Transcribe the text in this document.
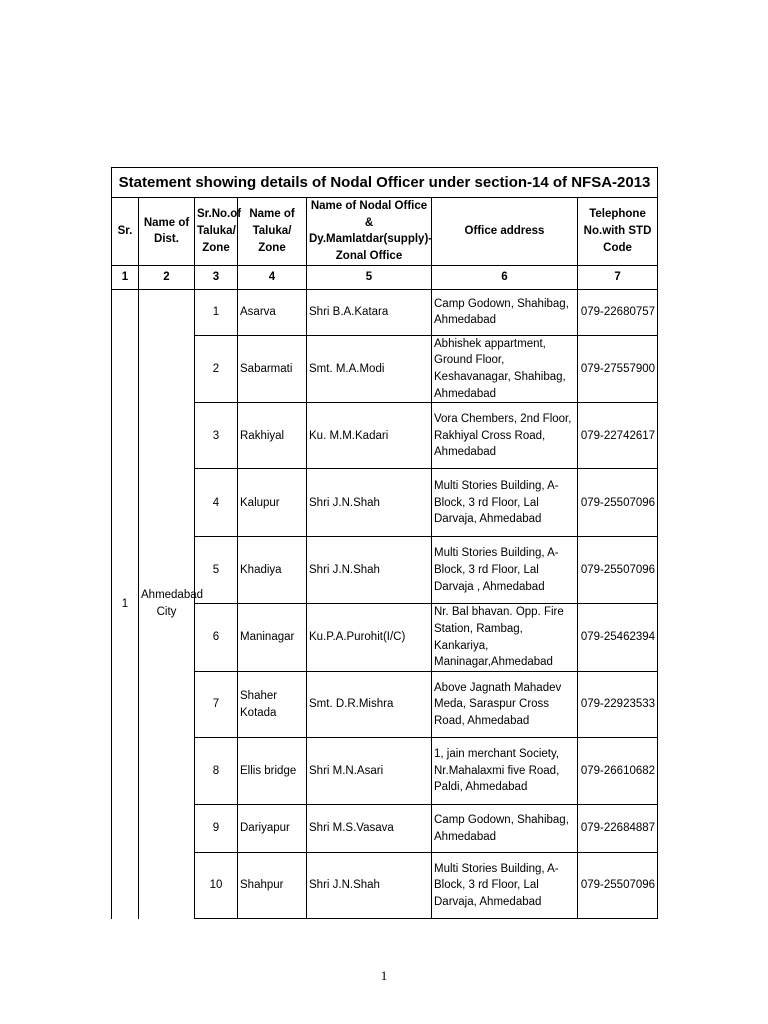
Statement showing details of Nodal Officer under section-14 of NFSA-2013						
Sr.	Name of Dist.	Sr.No.of Taluka/ Zone	Name of Taluka/ Zone	Name of Nodal Office & Dy.Mamlatdar(supply)-Zonal Office	Office address	Telephone No.with STD Code
1	2	3	4	5	6	7
1	Ahmedabad City	1	Asarva	Shri B.A.Katara	Camp Godown, Shahibag, Ahmedabad	079-22680757
		2	Sabarmati	Smt. M.A.Modi	Abhishek appartment, Ground Floor, Keshavanagar, Shahibag, Ahmedabad	079-27557900
		3	Rakhiyal	Ku. M.M.Kadari	Vora Chembers, 2nd Floor, Rakhiyal Cross Road, Ahmedabad	079-22742617
		4	Kalupur	Shri J.N.Shah	Multi Stories Building, A-Block, 3 rd Floor, Lal Darvaja, Ahmedabad	079-25507096
		5	Khadiya	Shri J.N.Shah	Multi Stories Building, A-Block, 3 rd Floor, Lal Darvaja , Ahmedabad	079-25507096
		6	Maninagar	Ku.P.A.Purohit(I/C)	Nr. Bal bhavan. Opp. Fire Station, Rambag, Kankariya, Maninagar,Ahmedabad	079-25462394
		7	Shaher Kotada	Smt. D.R.Mishra	Above Jagnath Mahadev Meda, Saraspur Cross Road, Ahmedabad	079-22923533
		8	Ellis bridge	Shri M.N.Asari	1, jain merchant Society, Nr.Mahalaxmi five Road, Paldi, Ahmedabad	079-26610682
		9	Dariyapur	Shri M.S.Vasava	Camp Godown, Shahibag, Ahmedabad	079-22684887
		10	Shahpur	Shri J.N.Shah	Multi Stories Building, A-Block, 3 rd Floor, Lal Darvaja, Ahmedabad	079-25507096
1
